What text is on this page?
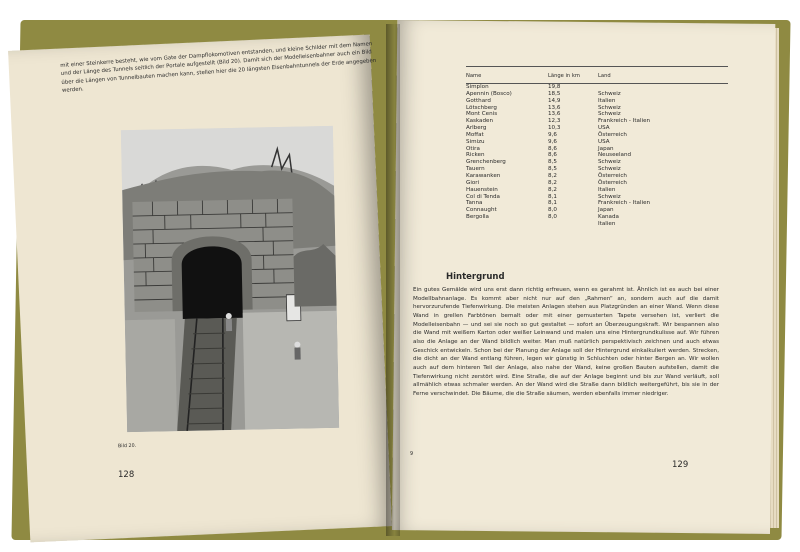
mit einer Steinkerre besteht, wie vom Gate der Dampflokomotiven entstanden, und kleine Schilder mit dem Namen und der Länge des Tunnels seitlich der Portale aufgestellt (Bild 20). Damit sich der Modelleisenbahner auch ein Bild über die Längen von Tunnelbauten machen kann, stellen hier die 20 längsten Eisenbahntunnels der Erde angegeben werden.
Bild 20.
128
Name	Länge in km	Land
Simplon	19,8
Apennin (Bosco)	18,5	Schweiz
Gotthard	14,9	Italien
Lötschberg	13,6	Schweiz
Mont Cenis	13,6	Schweiz
Kaskaden	12,3	Frankreich - Italien
Arlberg	10,3	USA
Moffat	9,6	Österreich
Simizu	9,6	USA
Otira	8,6	Japan
Ricken	8,6	Neuseeland
Grenchenberg	8,5	Schweiz
Tauern	8,5	Schweiz
Karawanken	8,2	Österreich
Giori	8,2	Österreich
Hauenstein	8,2	Italien
Col di Tenda	8,1	Schweiz
Tanna	8,1	Frankreich - Italien
Connaught	8,0	Japan
Bergolla	8,0	Kanada
Italien
Hintergrund
Ein gutes Gemälde wird uns erst dann richtig erfreuen, wenn es gerahmt ist. Ähnlich ist es auch bei einer Modellbahnanlage. Es kommt aber nicht nur auf den „Rahmen“ an, sondern auch auf die damit hervorzurufende Tiefenwirkung. Die meisten Anlagen stehen aus Platzgründen an einer Wand. Wenn diese Wand in grellen Farbtönen bemalt oder mit einer gemusterten Tapete versehen ist, verliert die Modelleisenbahn — und sei sie noch so gut gestaltet — sofort an Überzeugungskraft. Wir bespannen also die Wand mit weißem Karton oder weißer Leinwand und malen uns eine Hintergrundkulisse auf. Wir führen also die Anlage an der Wand bildlich weiter. Man muß natürlich perspektivisch zeichnen und auch etwas Geschick entwickeln. Schon bei der Planung der Anlage soll der Hintergrund einkalkuliert werden. Strecken, die dicht an der Wand entlang führen, legen wir günstig in Schluchten oder hinter Bergen an. Wir wollen auch auf dem hinteren Teil der Anlage, also nahe der Wand, keine großen Bauten aufstellen, damit die Tiefenwirkung nicht zerstört wird. Eine Straße, die auf der Anlage beginnt und bis zur Wand verläuft, soll allmählich etwas schmaler werden. An der Wand wird die Straße dann bildlich weitergeführt, bis sie in der Ferne verschwindet. Die Bäume, die die Straße säumen, werden ebenfalls immer niedriger.
9
129
